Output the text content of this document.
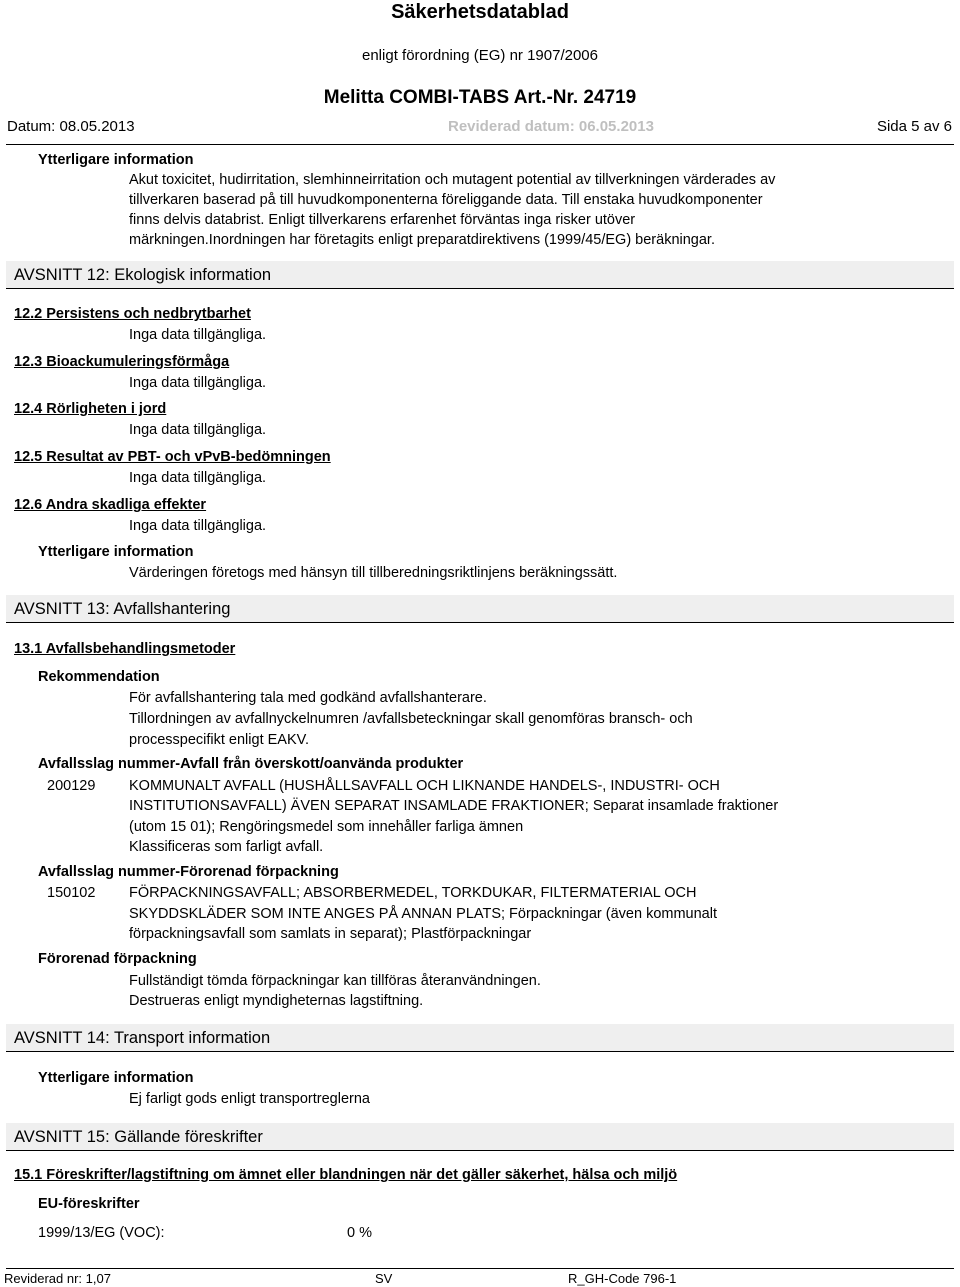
Säkerhetsdatablad
enligt förordning (EG) nr 1907/2006
Melitta COMBI-TABS Art.-Nr. 24719
Datum: 08.05.2013	Reviderad datum: 06.05.2013	Sida 5 av 6
Ytterligare information
Akut toxicitet, hudirritation, slemhinneirritation och mutagent potential av tillverkningen värderades av
tillverkaren baserad på till huvudkomponenterna föreliggande data. Till enstaka huvudkomponenter
finns delvis databrist. Enligt tillverkarens erfarenhet förväntas inga risker utöver
märkningen.Inordningen har företagits enligt preparatdirektivens (1999/45/EG) beräkningar.
AVSNITT 12: Ekologisk information
12.2 Persistens och nedbrytbarhet
Inga data tillgängliga.
12.3 Bioackumuleringsförmåga
Inga data tillgängliga.
12.4 Rörligheten i jord
Inga data tillgängliga.
12.5 Resultat av PBT- och vPvB-bedömningen
Inga data tillgängliga.
12.6 Andra skadliga effekter
Inga data tillgängliga.
Ytterligare information
Värderingen företogs med hänsyn till tillberedningsriktlinjens beräkningssätt.
AVSNITT 13: Avfallshantering
13.1 Avfallsbehandlingsmetoder
Rekommendation
För avfallshantering tala med godkänd avfallshanterare.
Tillordningen av avfallnyckelnumren /avfallsbeteckningar skall genomföras bransch- och
processpecifikt enligt EAKV.
Avfallsslag nummer-Avfall från överskott/oanvända produkter
200129 KOMMUNALT AVFALL (HUSHÅLLSAVFALL OCH LIKNANDE HANDELS-, INDUSTRI- OCH
INSTITUTIONSAVFALL) ÄVEN SEPARAT INSAMLADE FRAKTIONER; Separat insamlade fraktioner
(utom 15 01); Rengöringsmedel som innehåller farliga ämnen
Klassificeras som farligt avfall.
Avfallsslag nummer-Förorenad förpackning
150102 FÖRPACKNINGSAVFALL; ABSORBERMEDEL, TORKDUKAR, FILTERMATERIAL OCH
SKYDDSKLÄDER SOM INTE ANGES PÅ ANNAN PLATS; Förpackningar (även kommunalt
förpackningsavfall som samlats in separat); Plastförpackningar
Förorenad förpackning
Fullständigt tömda förpackningar kan tillföras återanvändningen.
Destrueras enligt myndigheternas lagstiftning.
AVSNITT 14: Transport information
Ytterligare information
Ej farligt gods enligt transportreglerna
AVSNITT 15: Gällande föreskrifter
15.1 Föreskrifter/lagstiftning om ämnet eller blandningen när det gäller säkerhet, hälsa och miljö
EU-föreskrifter
1999/13/EG (VOC):	0 %
Reviderad nr: 1,07	SV	R_GH-Code 796-1
